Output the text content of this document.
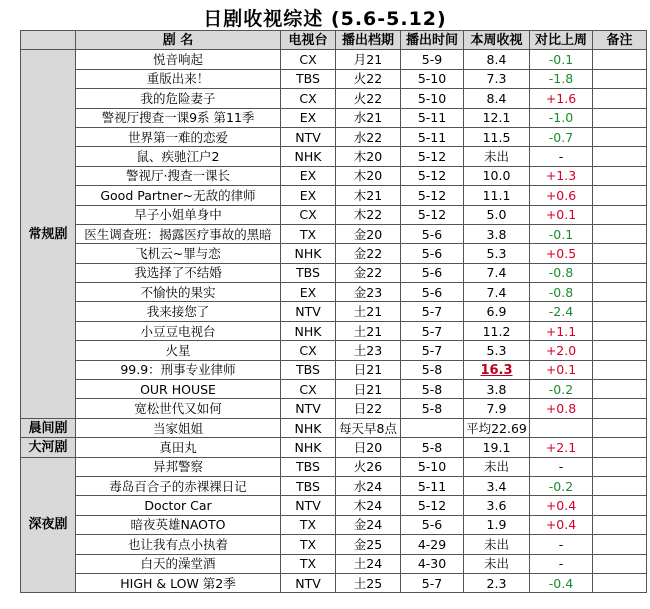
日剧收视综述 (5.6-5.12)
	剧 名	电视台	播出档期	播出时间	本周收视	对比上周	备注
常规剧	悦音响起	CX	月21	5-9	8.4	-0.1	
	重版出来！	TBS	火22	5-10	7.3	-1.8	
	我的危险妻子	CX	火22	5-10	8.4	+1.6	
	警视厅搜查一课9系 第11季	EX	水21	5-11	12.1	-1.0	
	世界第一难的恋爱	NTV	水22	5-11	11.5	-0.7	
	鼠、疾驰江户2	NHK	木20	5-12	未出	-	
	警视厅·搜查一课长	EX	木20	5-12	10.0	+1.3	
	Good Partner~无敌的律师	EX	木21	5-12	11.1	+0.6	
	早子小姐单身中	CX	木22	5-12	5.0	+0.1	
	医生调查班：揭露医疗事故的黑暗	TX	金20	5-6	3.8	-0.1	
	飞机云~罪与恋	NHK	金22	5-6	5.3	+0.5	
	我选择了不结婚	TBS	金22	5-6	7.4	-0.8	
	不愉快的果实	EX	金23	5-6	7.4	-0.8	
	我来接您了	NTV	土21	5-7	6.9	-2.4	
	小豆豆电视台	NHK	土21	5-7	11.2	+1.1	
	火星	CX	土23	5-7	5.3	+2.0	
	99.9：刑事专业律师	TBS	日21	5-8	16.3	+0.1	
	OUR HOUSE	CX	日21	5-8	3.8	-0.2	
	宽松世代又如何	NTV	日22	5-8	7.9	+0.8	
晨间剧	当家姐姐	NHK	每天早8点		平均22.69		
大河剧	真田丸	NHK	日20	5-8	19.1	+2.1	
深夜剧	异邦警察	TBS	火26	5-10	未出	-	
	毒岛百合子的赤裸裸日记	TBS	水24	5-11	3.4	-0.2	
	Doctor Car	NTV	木24	5-12	3.6	+0.4	
	暗夜英雄NAOTO	TX	金24	5-6	1.9	+0.4	
	也让我有点小执着	TX	金25	4-29	未出	-	
	白天的澡堂酒	TX	土24	4-30	未出	-	
	HIGH & LOW 第2季	NTV	土25	5-7	2.3	-0.4	
